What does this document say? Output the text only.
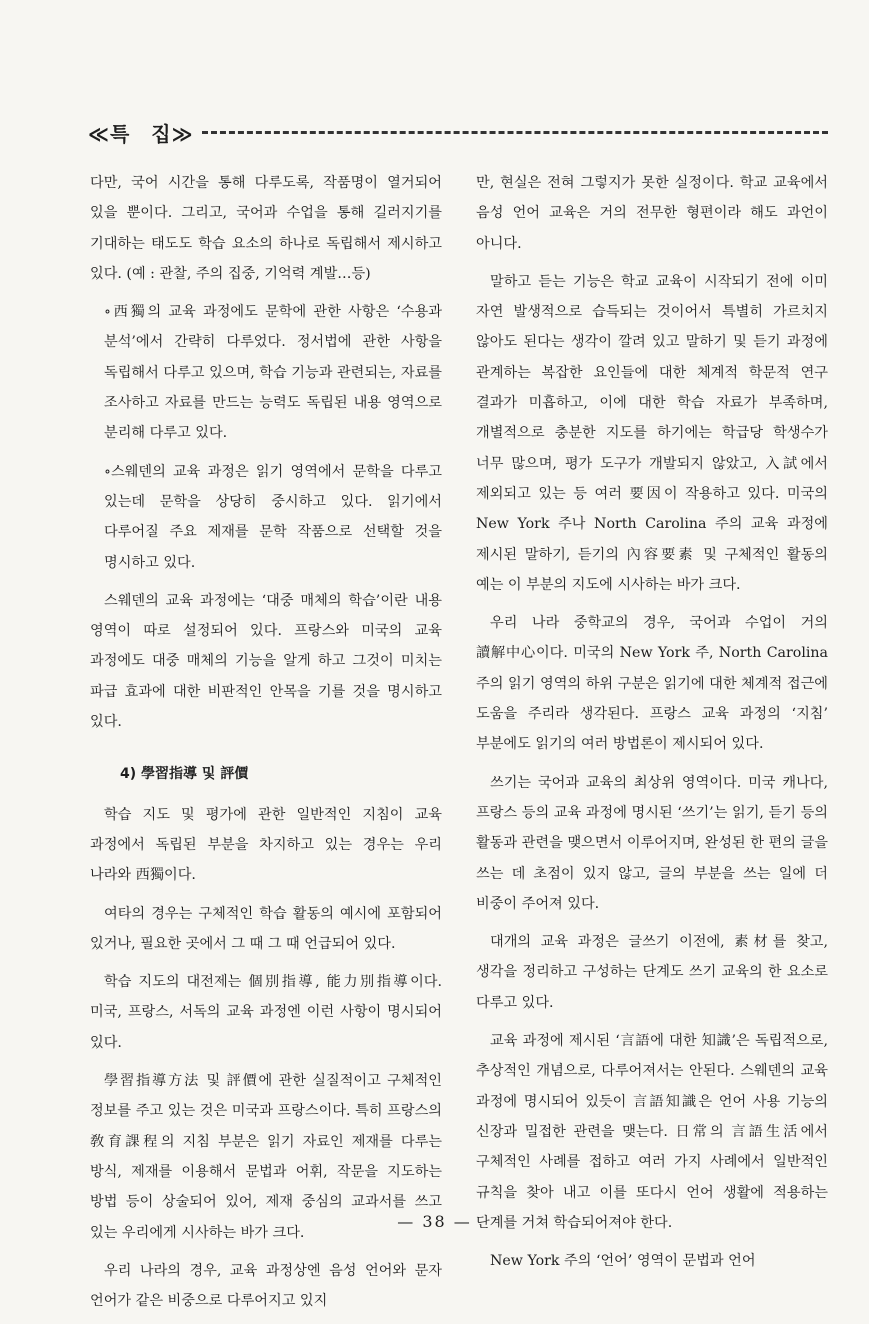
≪특　집≫

다만, 국어 시간을 통해 다루도록, 작품명이 열거되어 있을 뿐이다. 그리고, 국어과 수업을 통해 길러지기를 기대하는 태도도 학습 요소의 하나로 독립해서 제시하고 있다. (예 : 관찰, 주의 집중, 기억력 계발…등)

∘西獨의 교육 과정에도 문학에 관한 사항은 ‘수용과 분석’에서 간략히 다루었다. 정서법에 관한 사항을 독립해서 다루고 있으며, 학습 기능과 관련되는, 자료를 조사하고 자료를 만드는 능력도 독립된 내용 영역으로 분리해 다루고 있다.

∘스웨덴의 교육 과정은 읽기 영역에서 문학을 다루고 있는데 문학을 상당히 중시하고 있다. 읽기에서 다루어질 주요 제재를 문학 작품으로 선택할 것을 명시하고 있다.

스웨덴의 교육 과정에는 ‘대중 매체의 학습’이란 내용 영역이 따로 설정되어 있다. 프랑스와 미국의 교육 과정에도 대중 매체의 기능을 알게 하고 그것이 미치는 파급 효과에 대한 비판적인 안목을 기를 것을 명시하고 있다.

4) 學習指導 및 評價

학습 지도 및 평가에 관한 일반적인 지침이 교육 과정에서 독립된 부분을 차지하고 있는 경우는 우리 나라와 西獨이다.

여타의 경우는 구체적인 학습 활동의 예시에 포함되어 있거나, 필요한 곳에서 그 때 그 때 언급되어 있다.

학습 지도의 대전제는 個別指導, 能力別指導이다. 미국, 프랑스, 서독의 교육 과정엔 이런 사항이 명시되어 있다.

學習指導方法 및 評價에 관한 실질적이고 구체적인 정보를 주고 있는 것은 미국과 프랑스이다. 특히 프랑스의 敎育課程의 지침 부분은 읽기 자료인 제재를 다루는 방식, 제재를 이용해서 문법과 어휘, 작문을 지도하는 방법 등이 상술되어 있어, 제재 중심의 교과서를 쓰고 있는 우리에게 시사하는 바가 크다.

우리 나라의 경우, 교육 과정상엔 음성 언어와 문자 언어가 같은 비중으로 다루어지고 있지

만, 현실은 전혀 그렇지가 못한 실정이다. 학교 교육에서 음성 언어 교육은 거의 전무한 형편이라 해도 과언이 아니다.

말하고 듣는 기능은 학교 교육이 시작되기 전에 이미 자연 발생적으로 습득되는 것이어서 특별히 가르치지 않아도 된다는 생각이 깔려 있고 말하기 및 듣기 과정에 관계하는 복잡한 요인들에 대한 체계적 학문적 연구 결과가 미흡하고, 이에 대한 학습 자료가 부족하며, 개별적으로 충분한 지도를 하기에는 학급당 학생수가 너무 많으며, 평가 도구가 개발되지 않았고, 入試에서 제외되고 있는 등 여러 要因이 작용하고 있다. 미국의 New York 주나 North Carolina 주의 교육 과정에 제시된 말하기, 듣기의 內容要素 및 구체적인 활동의 예는 이 부분의 지도에 시사하는 바가 크다.

우리 나라 중학교의 경우, 국어과 수업이 거의 讀解中心이다. 미국의 New York 주, North Carolina 주의 읽기 영역의 하위 구분은 읽기에 대한 체계적 접근에 도움을 주리라 생각된다. 프랑스 교육 과정의 ‘지침’ 부분에도 읽기의 여러 방법론이 제시되어 있다.

쓰기는 국어과 교육의 최상위 영역이다. 미국 캐나다, 프랑스 등의 교육 과정에 명시된 ‘쓰기’는 읽기, 듣기 등의 활동과 관련을 맺으면서 이루어지며, 완성된 한 편의 글을 쓰는 데 초점이 있지 않고, 글의 부분을 쓰는 일에 더 비중이 주어져 있다.

대개의 교육 과정은 글쓰기 이전에, 素材를 찾고, 생각을 정리하고 구성하는 단계도 쓰기 교육의 한 요소로 다루고 있다.

교육 과정에 제시된 ‘言語에 대한 知識’은 독립적으로, 추상적인 개념으로, 다루어져서는 안된다. 스웨덴의 교육 과정에 명시되어 있듯이 言語知識은 언어 사용 기능의 신장과 밀접한 관련을 맺는다. 日常의 言語生活에서 구체적인 사례를 접하고 여러 가지 사례에서 일반적인 규칙을 찾아 내고 이를 또다시 언어 생활에 적용하는 단계를 거쳐 학습되어져야 한다.

New York 주의 ‘언어’ 영역이 문법과 언어

— 38 —
